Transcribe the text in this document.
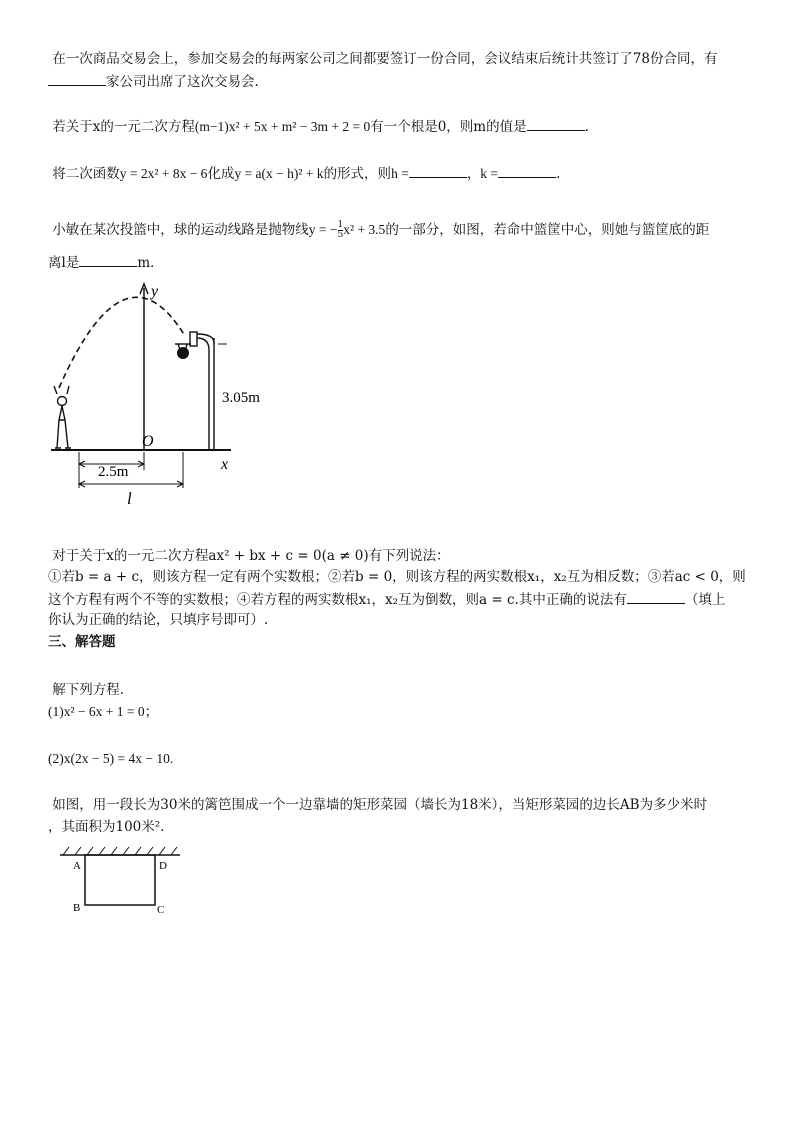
在一次商品交易会上，参加交易会的每两家公司之间都要签订一份合同，会议结束后统计共签订了78份合同，有
家公司出席了这次交易会.
若关于x的一元二次方程(m−1)x² + 5x + m² − 3m + 2 = 0有一个根是0，则m的值是	.
将二次函数y = 2x² + 8x − 6化成y = a(x − h)² + k的形式，则h =	，k =	.
小敏在某次投篮中，球的运动线路是抛物线y = − $\frac{1}{5} x^2 + 3.5$的一部分，如图，若命中篮筐中心，则她与篮筐底的距
离l是	m．
y
x
O
3.05m
2.5m
l
对于关于x的一元二次方程ax² + bx + c = 0(a ≠ 0)有下列说法：
①若b = a + c，则该方程一定有两个实数根；②若b = 0，则该方程的两实数根x₁，x₂互为相反数；③若ac < 0，则
这个方程有两个不等的实数根；④若方程的两实数根x₁，x₂互为倒数，则a = c.其中正确的说法有	（填上
你认为正确的结论，只填序号即可）.
三、解答题
解下列方程.
(1)x² − 6x + 1 = 0；
(2)x(2x − 5) = 4x − 10.
如图，用一段长为30米的篱笆围成一个一边靠墙的矩形菜园（墙长为18米），当矩形菜园的边长AB为多少米时
，其面积为100米².
A
B	C
D
